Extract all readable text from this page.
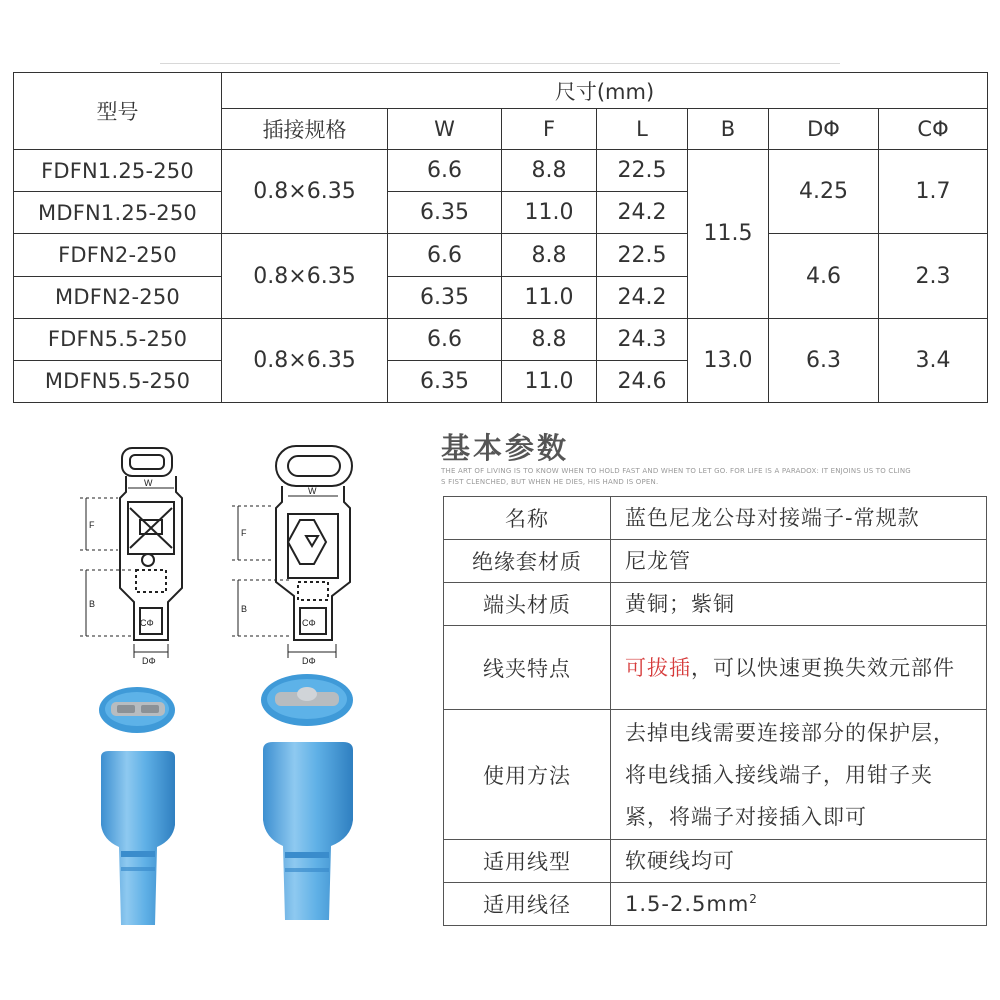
型号	尺寸(mm)						
	插接规格	W	F	L	B	DΦ	CΦ
FDFN1.25-250	0.8×6.35	6.6	8.8	22.5	11.5	4.25	1.7
MDFN1.25-250		6.35	11.0	24.2			
FDFN2-250	0.8×6.35	6.6	8.8	22.5		4.6	2.3
MDFN2-250		6.35	11.0	24.2			
FDFN5.5-250	0.8×6.35	6.6	8.8	24.3	13.0	6.3	3.4
MDFN5.5-250		6.35	11.0	24.6			
W
F
B
CΦ
DΦ
W
F
B
CΦ
DΦ
基本参数
THE ART OF LIVING IS TO KNOW WHEN TO HOLD FAST AND WHEN TO LET GO. FOR LIFE IS A PARADOX: IT ENJOINS US TO CLING
S FIST CLENCHED, BUT WHEN HE DIES, HIS HAND IS OPEN.
名称	蓝色尼龙公母对接端子-常规款
绝缘套材质	尼龙管
端头材质	黄铜；紫铜
线夹特点	可拔插，可以快速更换失效元部件
使用方法	去掉电线需要连接部分的保护层，将电线插入接线端子，用钳子夹紧，将端子对接插入即可
适用线型	软硬线均可
适用线径	$1.5-2.5mm^2$
